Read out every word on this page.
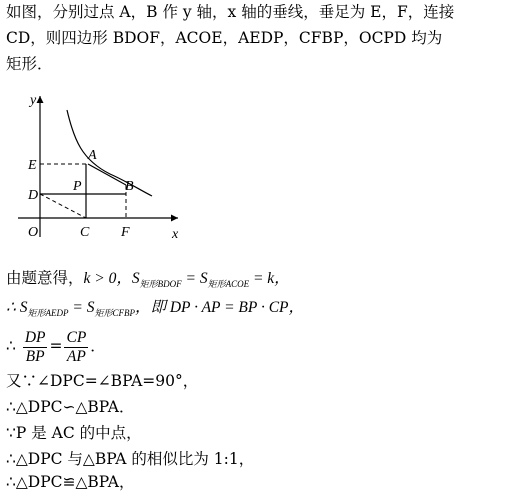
如图，分别过点 A，B 作 y 轴，x 轴的垂线，垂足为 E，F，连接
CD，则四边形 BDOF，ACOE，AEDP，CFBP，OCPD 均为
矩形．
y
x
O
E
D
A
P	B
C F
由题意得，k > 0，$S_{矩形BDOF} = S_{矩形ACOE} = k$，
∴ $S_{矩形AEDP} = S_{矩形CFBP}$，即 DP · AP = BP · CP，
∴ $\frac{DP}{BP} = \frac{CP}{AP}$ ．
又∵∠DPC=∠BPA=90°，
∴△DPC∽△BPA．
∵P 是 AC 的中点，
∴△DPC 与△BPA 的相似比为 1:1，
∴△DPC≌△BPA，
